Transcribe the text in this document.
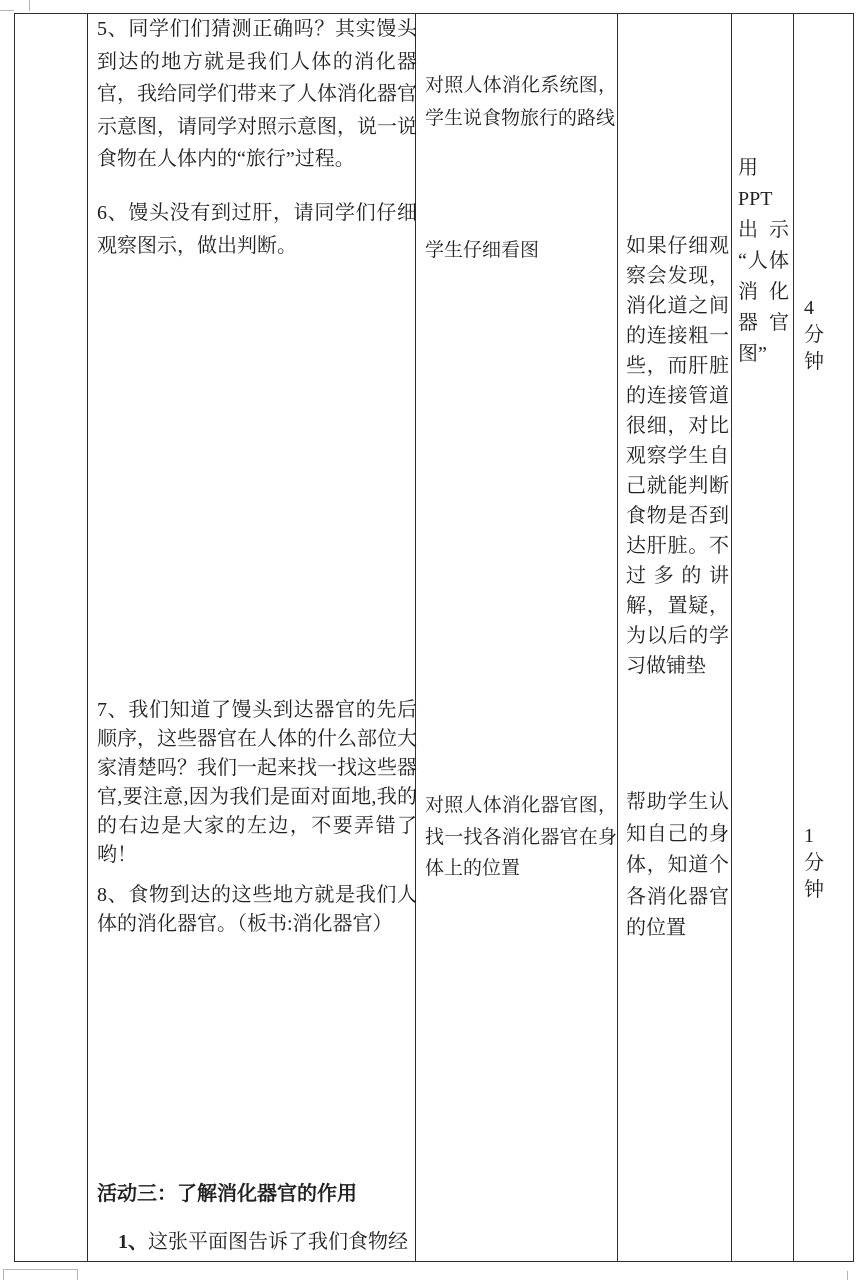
5、同学们们猜测正确吗？其实馒头到达的地方就是我们人体的消化器官，我给同学们带来了人体消化器官示意图，请同学对照示意图，说一说食物在人体内的“旅行”过程。
6、馒头没有到过肝，请同学们仔细观察图示，做出判断。
7、我们知道了馒头到达器官的先后顺序，这些器官在人体的什么部位大家清楚吗？我们一起来找一找这些器官,要注意,因为我们是面对面地,我的的右边是大家的左边，不要弄错了哟！
8、食物到达的这些地方就是我们人体的消化器官。（板书:消化器官）
活动三：了解消化器官的作用
1、这张平面图告诉了我们食物经
对照人体消化系统图，学生说食物旅行的路线
学生仔细看图
对照人体消化器官图，找一找各消化器官在身体上的位置
如果仔细观察会发现，消化道之间的连接粗一些，而肝脏的连接管道很细，对比观察学生自己就能判断食物是否到达肝脏。不过多的讲解，置疑，为以后的学习做铺垫
帮助学生认知自己的身体，知道个各消化器官的位置
用PPT出示“人体消化器官图”
4分钟
1分钟
